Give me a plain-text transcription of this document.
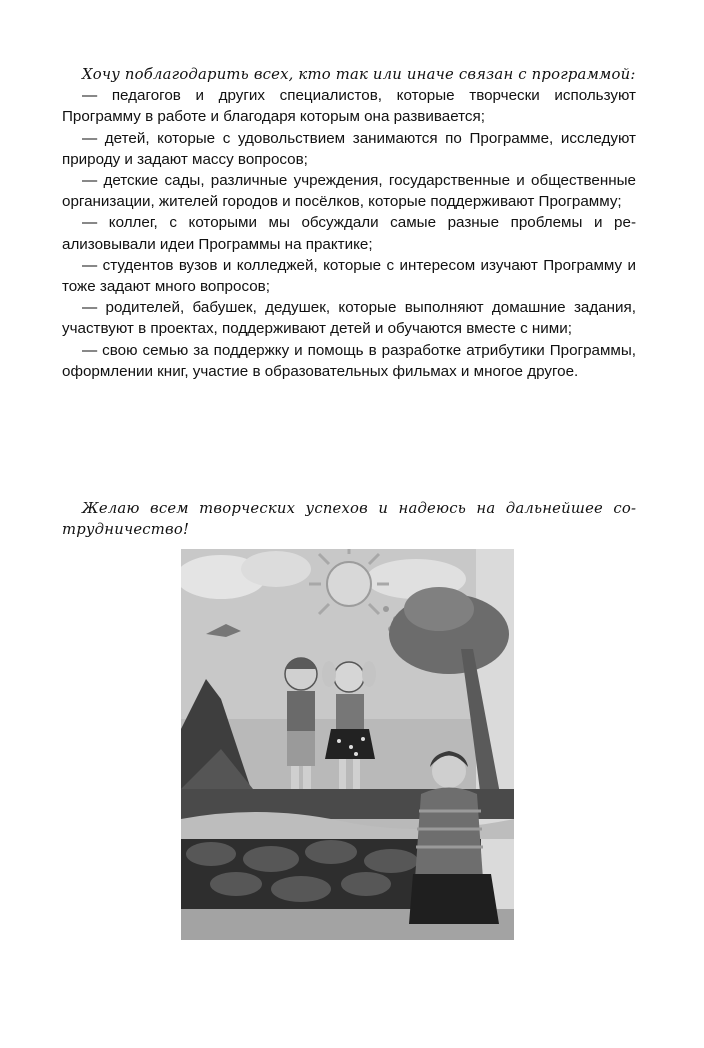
Хочу поблагодарить всех, кто так или иначе связан с программой:

— педагогов и других специалистов, которые творчески используют Программу в работе и благодаря которым она развивается;

— детей, которые с удовольствием занимаются по Программе, исследуют природу и задают массу вопросов;

— детские сады, различные учреждения, государственные и общественные организации, жителей городов и посёлков, которые поддерживают Программу;

— коллег, с которыми мы обсуждали самые разные проблемы и реализовывали идеи Программы на практике;

— студентов вузов и колледжей, которые с интересом изучают Программу и тоже задают много вопросов;

— родителей, бабушек, дедушек, которые выполняют домашние задания, участвуют в проектах, поддерживают детей и обучаются вместе с ними;

— свою семью за поддержку и помощь в разработке атрибутики Программы, оформлении книг, участие в образовательных фильмах и многое другое.

Желаю всем творческих успехов и надеюсь на дальнейшее сотрудничество!
